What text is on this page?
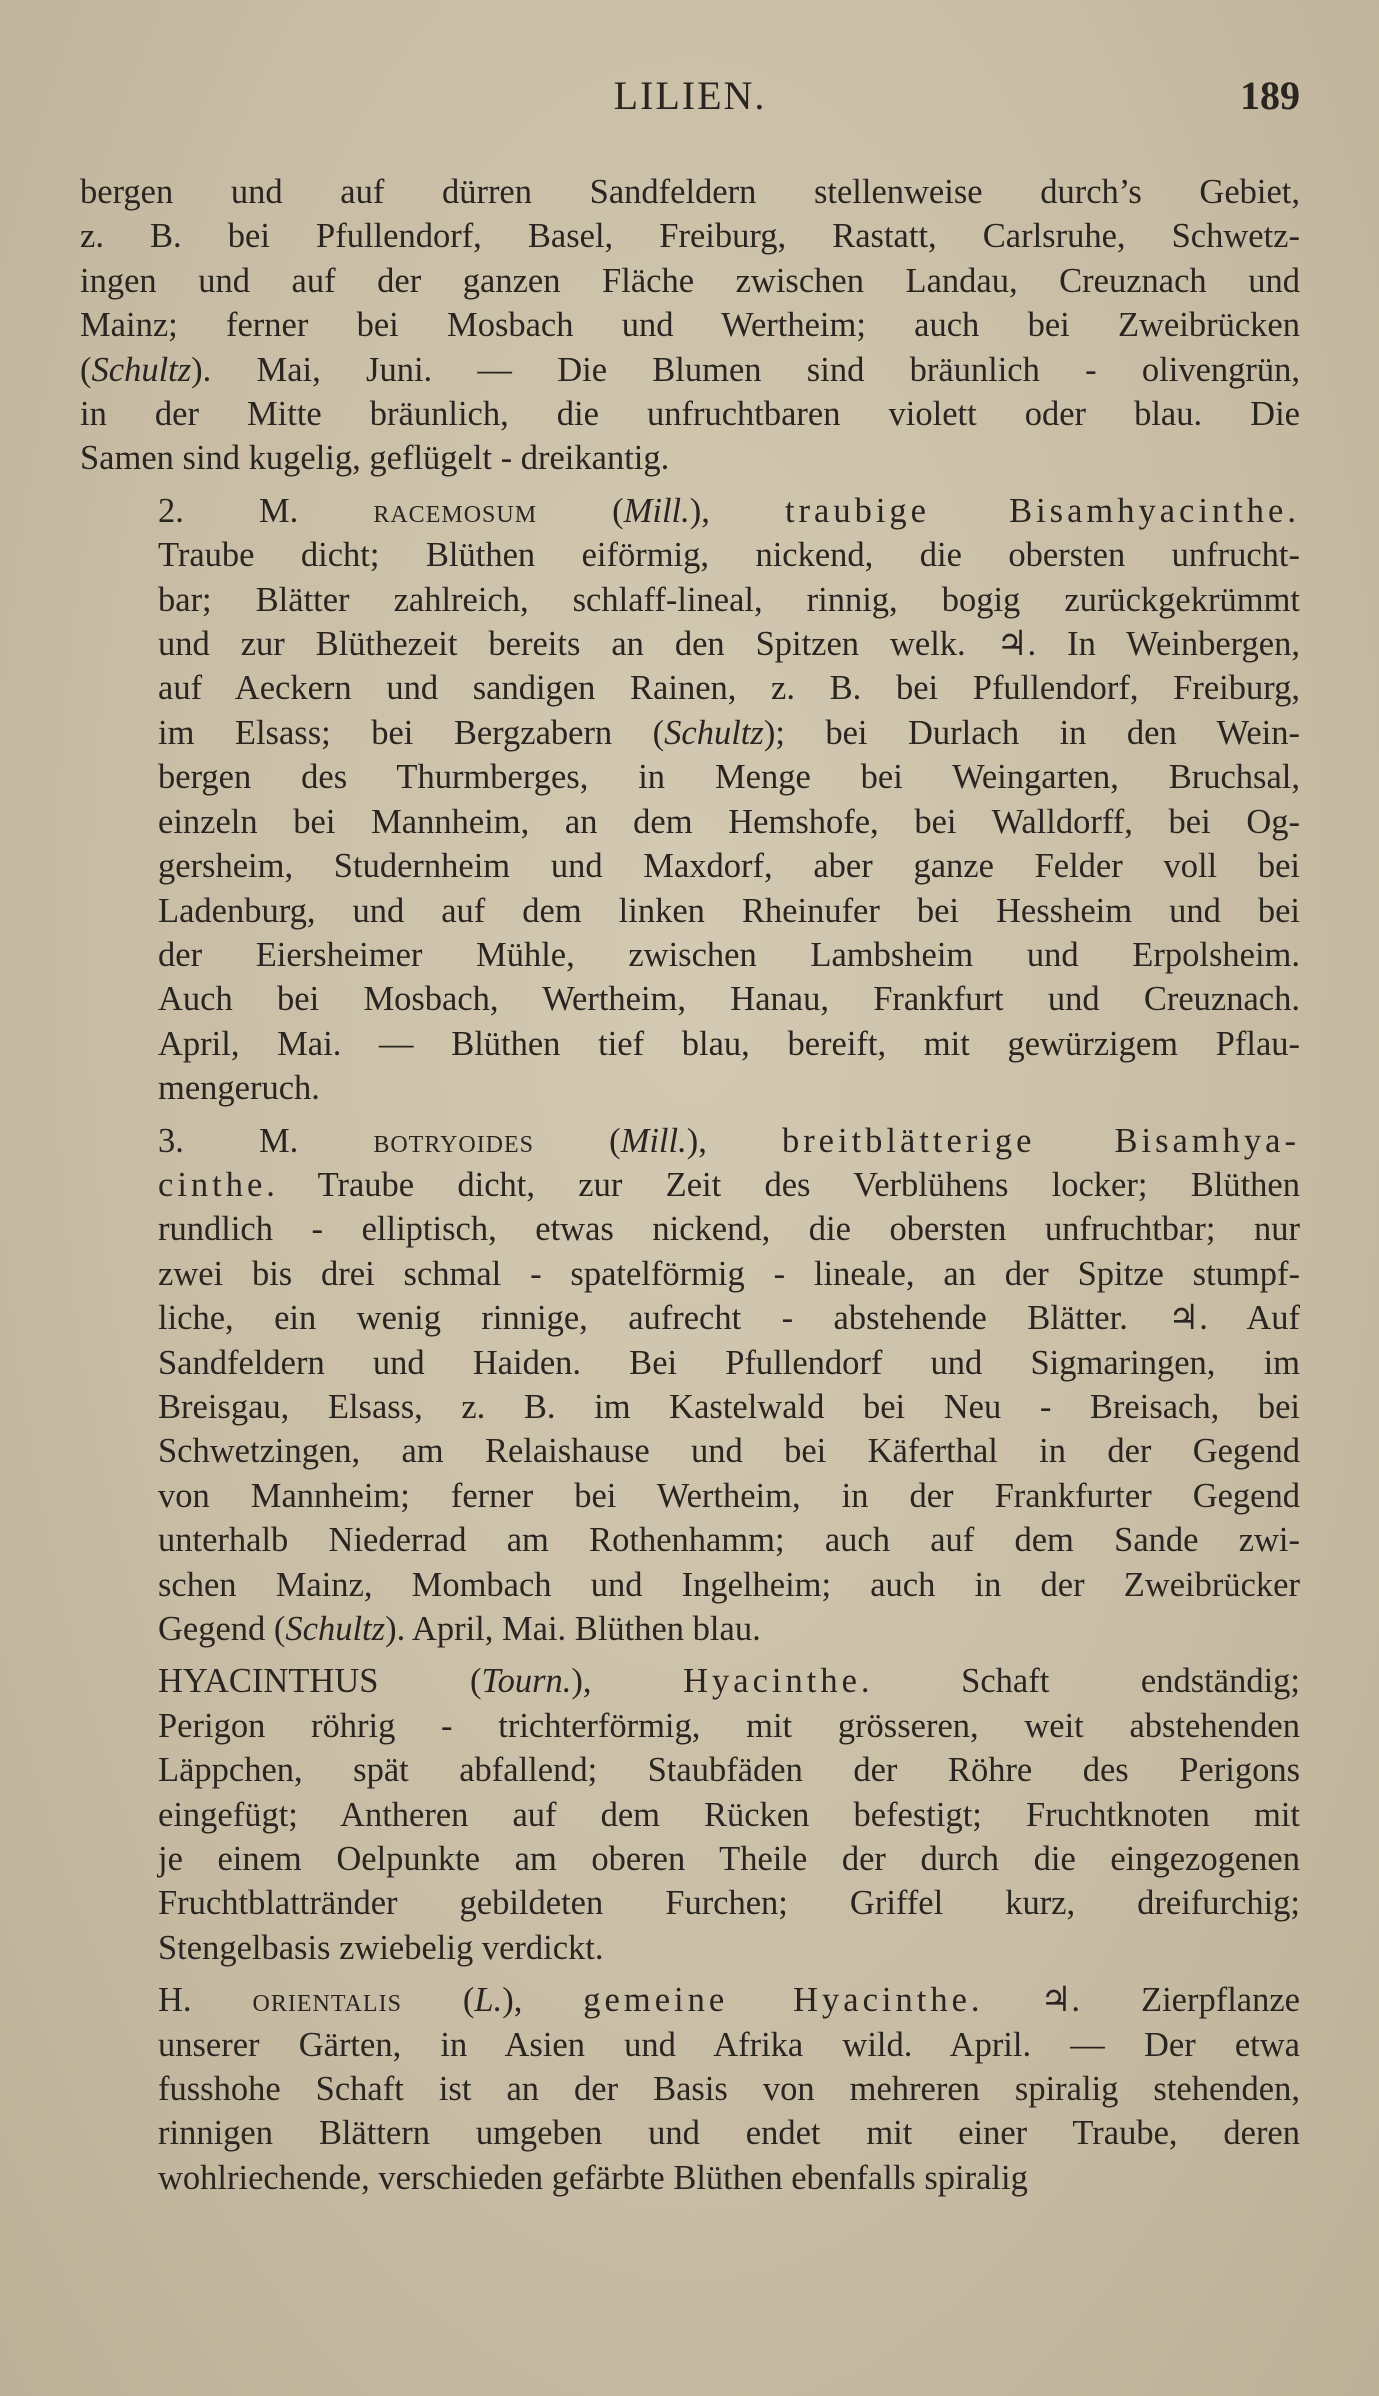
LILIEN.	189
bergen und auf dürren Sandfeldern stellenweise durch’s Gebiet,
z. B. bei Pfullendorf, Basel, Freiburg, Rastatt, Carlsruhe, Schwetz-
ingen und auf der ganzen Fläche zwischen Landau, Creuznach und
Mainz; ferner bei Mosbach und Wertheim; auch bei Zweibrücken
(Schultz). Mai, Juni. — Die Blumen sind bräunlich - olivengrün,
in der Mitte bräunlich, die unfruchtbaren violett oder blau. Die
Samen sind kugelig, geflügelt - dreikantig.
2. M. racemosum (Mill.), traubige Bisamhyacinthe.
Traube dicht; Blüthen eiförmig, nickend, die obersten unfrucht-
bar; Blätter zahlreich, schlaff-lineal, rinnig, bogig zurückgekrümmt
und zur Blüthezeit bereits an den Spitzen welk. ♃. In Weinbergen,
auf Aeckern und sandigen Rainen, z. B. bei Pfullendorf, Freiburg,
im Elsass; bei Bergzabern (Schultz); bei Durlach in den Wein-
bergen des Thurmberges, in Menge bei Weingarten, Bruchsal,
einzeln bei Mannheim, an dem Hemshofe, bei Walldorff, bei Og-
gersheim, Studernheim und Maxdorf, aber ganze Felder voll bei
Ladenburg, und auf dem linken Rheinufer bei Hessheim und bei
der Eiersheimer Mühle, zwischen Lambsheim und Erpolsheim.
Auch bei Mosbach, Wertheim, Hanau, Frankfurt und Creuznach.
April, Mai. — Blüthen tief blau, bereift, mit gewürzigem Pflau-
mengeruch.
3. M. botryoides (Mill.), breitblätterige Bisamhya-
cinthe. Traube dicht, zur Zeit des Verblühens locker; Blüthen
rundlich - elliptisch, etwas nickend, die obersten unfruchtbar; nur
zwei bis drei schmal - spatelförmig - lineale, an der Spitze stumpf-
liche, ein wenig rinnige, aufrecht - abstehende Blätter. ♃. Auf
Sandfeldern und Haiden. Bei Pfullendorf und Sigmaringen, im
Breisgau, Elsass, z. B. im Kastelwald bei Neu - Breisach, bei
Schwetzingen, am Relaishause und bei Käferthal in der Gegend
von Mannheim; ferner bei Wertheim, in der Frankfurter Gegend
unterhalb Niederrad am Rothenhamm; auch auf dem Sande zwi-
schen Mainz, Mombach und Ingelheim; auch in der Zweibrücker
Gegend (Schultz). April, Mai. Blüthen blau.
HYACINTHUS (Tourn.), Hyacinthe. Schaft endständig;
Perigon röhrig - trichterförmig, mit grösseren, weit abstehenden
Läppchen, spät abfallend; Staubfäden der Röhre des Perigons
eingefügt; Antheren auf dem Rücken befestigt; Fruchtknoten mit
je einem Oelpunkte am oberen Theile der durch die eingezogenen
Fruchtblattränder gebildeten Furchen; Griffel kurz, dreifurchig;
Stengelbasis zwiebelig verdickt.
H. orientalis (L.), gemeine Hyacinthe. ♃. Zierpflanze
unserer Gärten, in Asien und Afrika wild. April. — Der etwa
fusshohe Schaft ist an der Basis von mehreren spiralig stehenden,
rinnigen Blättern umgeben und endet mit einer Traube, deren
wohlriechende, verschieden gefärbte Blüthen ebenfalls spiralig
